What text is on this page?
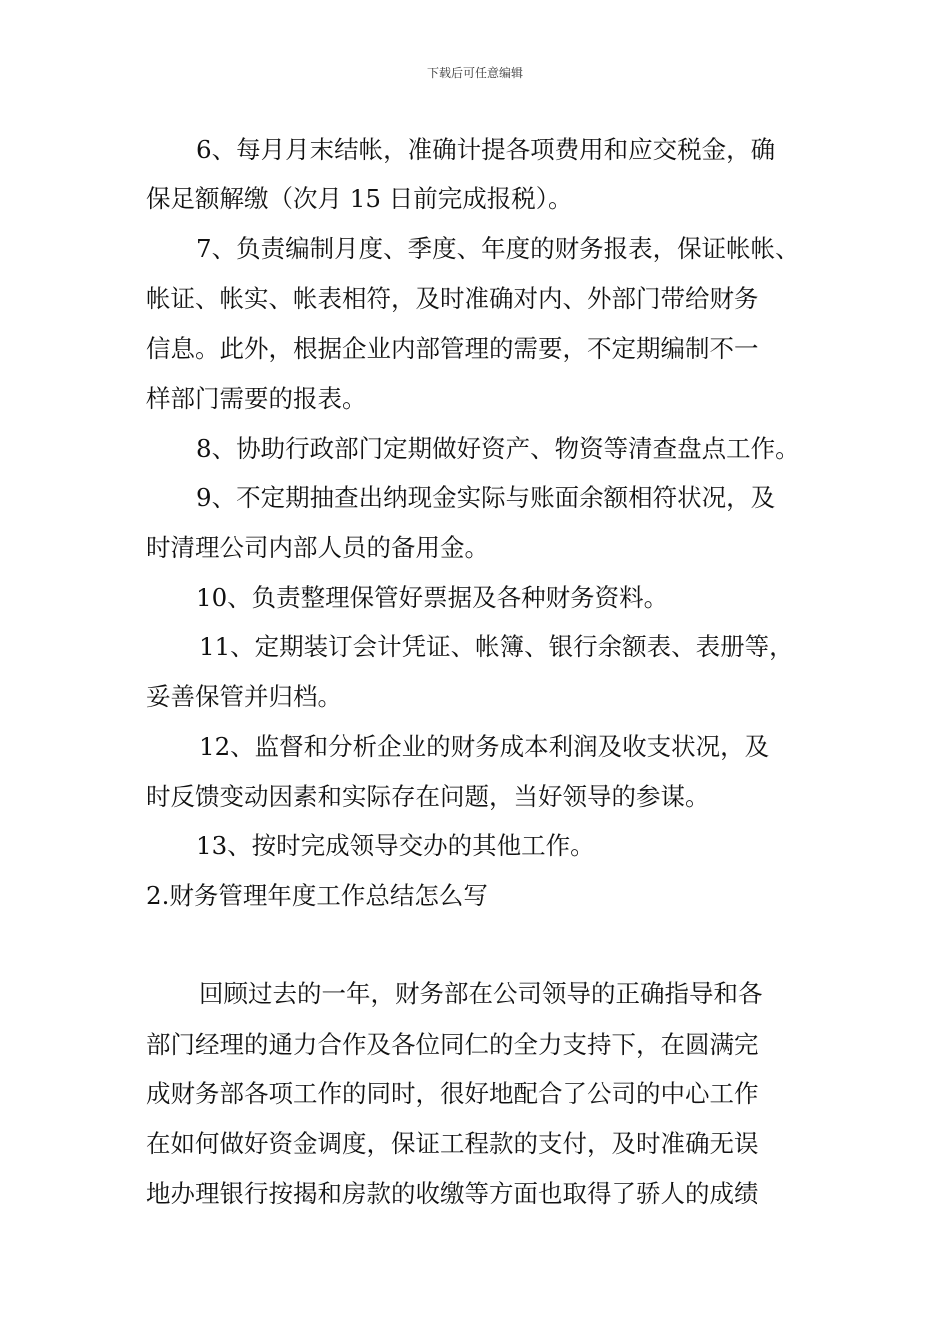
下载后可任意编辑
6、每月月末结帐，准确计提各项费用和应交税金，确
保足额解缴（次月 15 日前完成报税）。
7、负责编制月度、季度、年度的财务报表，保证帐帐、
帐证、帐实、帐表相符，及时准确对内、外部门带给财务
信息。此外，根据企业内部管理的需要，不定期编制不一
样部门需要的报表。
8、协助行政部门定期做好资产、物资等清查盘点工作。
9、不定期抽查出纳现金实际与账面余额相符状况，及
时清理公司内部人员的备用金。
10、负责整理保管好票据及各种财务资料。
11、定期装订会计凭证、帐簿、银行余额表、表册等，
妥善保管并归档。
12、监督和分析企业的财务成本利润及收支状况，及
时反馈变动因素和实际存在问题，当好领导的参谋。
13、按时完成领导交办的其他工作。
2.财务管理年度工作总结怎么写
回顾过去的一年，财务部在公司领导的正确指导和各
部门经理的通力合作及各位同仁的全力支持下，在圆满完
成财务部各项工作的同时，很好地配合了公司的中心工作
在如何做好资金调度，保证工程款的支付，及时准确无误
地办理银行按揭和房款的收缴等方面也取得了骄人的成绩
